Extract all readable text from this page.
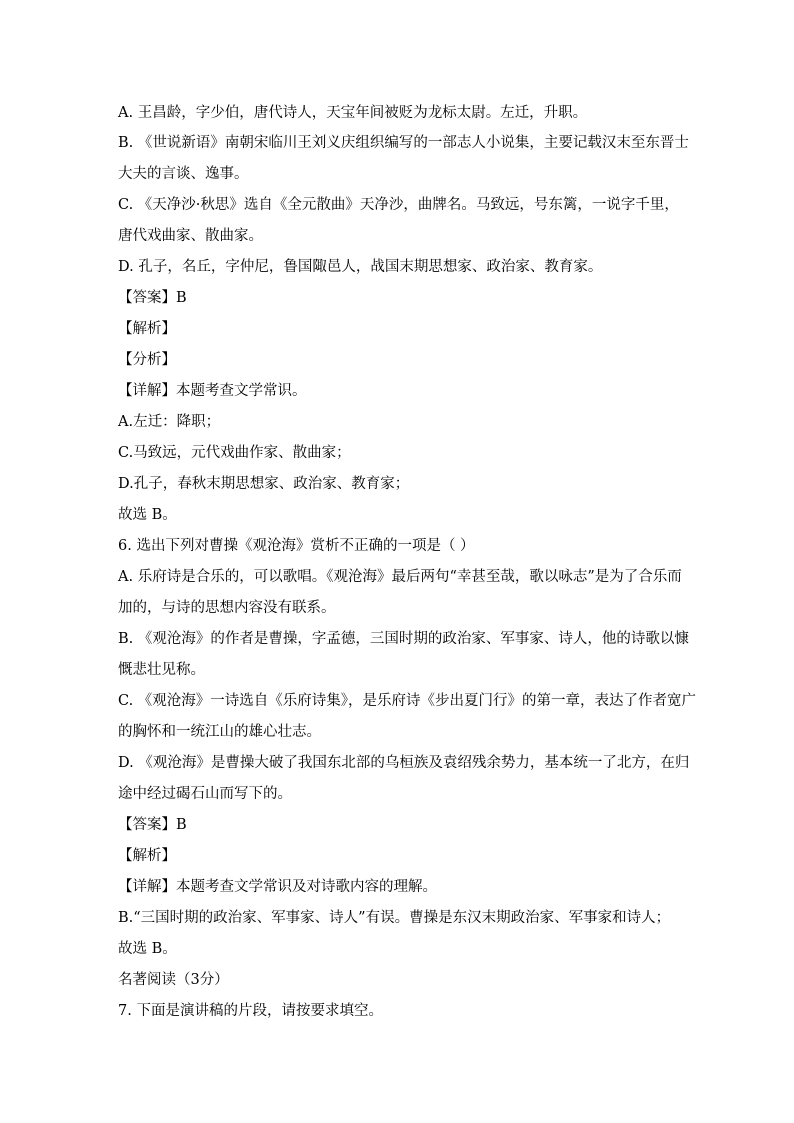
A. 王昌龄，字少伯，唐代诗人，天宝年间被贬为龙标太尉。左迁，升职。
B. 《世说新语》南朝宋临川王刘义庆组织编写的一部志人小说集，主要记载汉末至东晋士
大夫的言谈、逸事。
C. 《天净沙·秋思》选自《全元散曲》天净沙，曲牌名。马致远，号东篱，一说字千里，
唐代戏曲家、散曲家。
D. 孔子，名丘，字仲尼，鲁国陬邑人，战国末期思想家、政治家、教育家。
【答案】B
【解析】
【分析】
【详解】本题考查文学常识。
A.左迁：降职；
C.马致远，元代戏曲作家、散曲家；
D.孔子，春秋末期思想家、政治家、教育家；
故选 B。
6. 选出下列对曹操《观沧海》赏析不正确的一项是（ ）
A. 乐府诗是合乐的，可以歌唱。《观沧海》最后两句“幸甚至哉，歌以咏志”是为了合乐而
加的，与诗的思想内容没有联系。
B. 《观沧海》的作者是曹操，字孟德，三国时期的政治家、军事家、诗人，他的诗歌以慷
慨悲壮见称。
C. 《观沧海》一诗选自《乐府诗集》，是乐府诗《步出夏门行》的第一章，表达了作者宽广
的胸怀和一统江山的雄心壮志。
D. 《观沧海》是曹操大破了我国东北部的乌桓族及袁绍残余势力，基本统一了北方，在归
途中经过碣石山而写下的。
【答案】B
【解析】
【详解】本题考查文学常识及对诗歌内容的理解。
B.“三国时期的政治家、军事家、诗人”有误。曹操是东汉末期政治家、军事家和诗人；
故选 B。
名著阅读（3分）
7. 下面是演讲稿的片段，请按要求填空。
